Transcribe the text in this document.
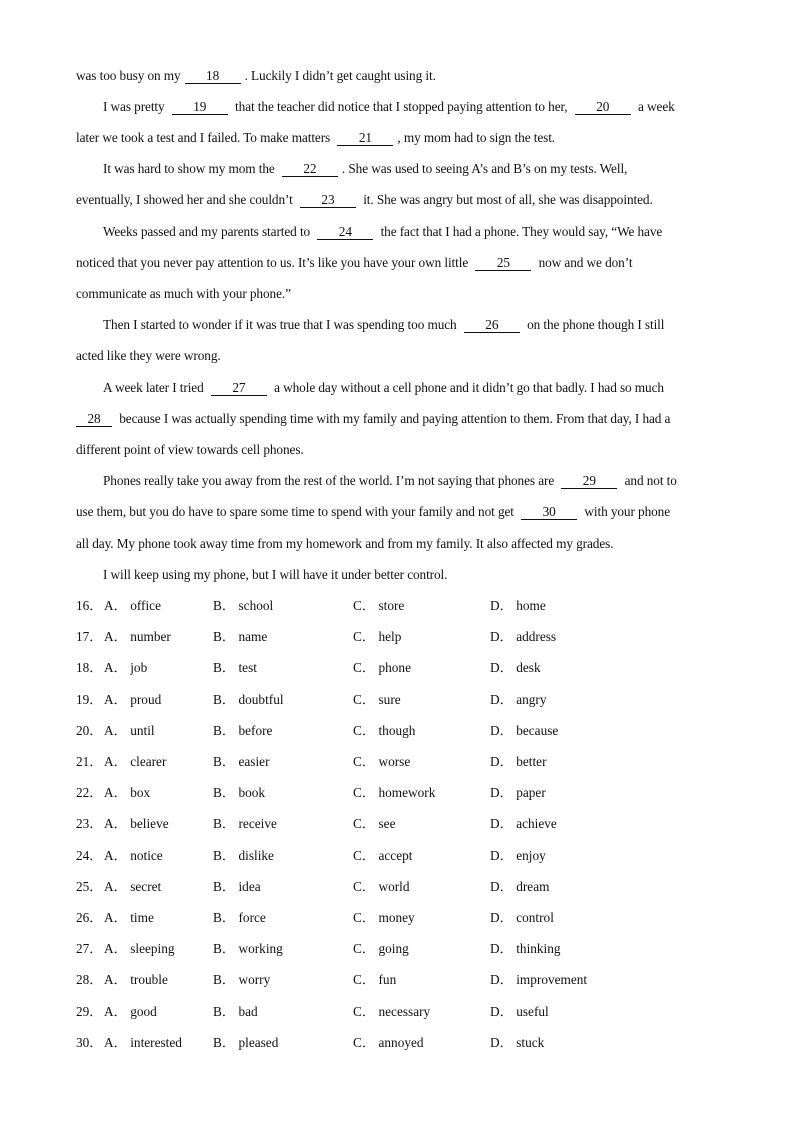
was too busy on my 18 . Luckily I didn’t get caught using it.
I was pretty 19 that the teacher did notice that I stopped paying attention to her, 20 a week
later we took a test and I failed. To make matters 21 , my mom had to sign the test.
It was hard to show my mom the 22 . She was used to seeing A’s and B’s on my tests. Well,
eventually, I showed her and she couldn’t 23 it. She was angry but most of all, she was disappointed.
Weeks passed and my parents started to 24 the fact that I had a phone. They would say, “We have
noticed that you never pay attention to us. It’s like you have your own little 25 now and we don’t
communicate as much with your phone.”
Then I started to wonder if it was true that I was spending too much 26 on the phone though I still
acted like they were wrong.
A week later I tried 27 a whole day without a cell phone and it didn’t go that badly. I had so much
28 because I was actually spending time with my family and paying attention to them. From that day, I had a
different point of view towards cell phones.
Phones really take you away from the rest of the world. I’m not saying that phones are 29 and not to
use them, but you do have to spare some time to spend with your family and not get 30 with your phone
all day. My phone took away time from my homework and from my family. It also affected my grades.
I will keep using my phone, but I will have it under better control.
16． A． office	B． school	C． store	D． home
17． A． number	B． name	C． help	D． address
18． A． job	B． test	C． phone	D． desk
19． A． proud	B． doubtful	C． sure	D． angry
20． A． until	B． before	C． though	D． because
21． A． clearer	B． easier	C． worse	D． better
22． A． box	B． book	C． homework	D． paper
23． A． believe	B． receive	C． see	D． achieve
24． A． notice	B． dislike	C． accept	D． enjoy
25． A． secret	B． idea	C． world	D． dream
26． A． time	B． force	C． money	D． control
27． A． sleeping	B． working	C． going	D． thinking
28． A． trouble	B． worry	C． fun	D． improvement
29． A． good	B． bad	C． necessary	D． useful
30． A． interested B． pleased	C． annoyed	D． stuck
